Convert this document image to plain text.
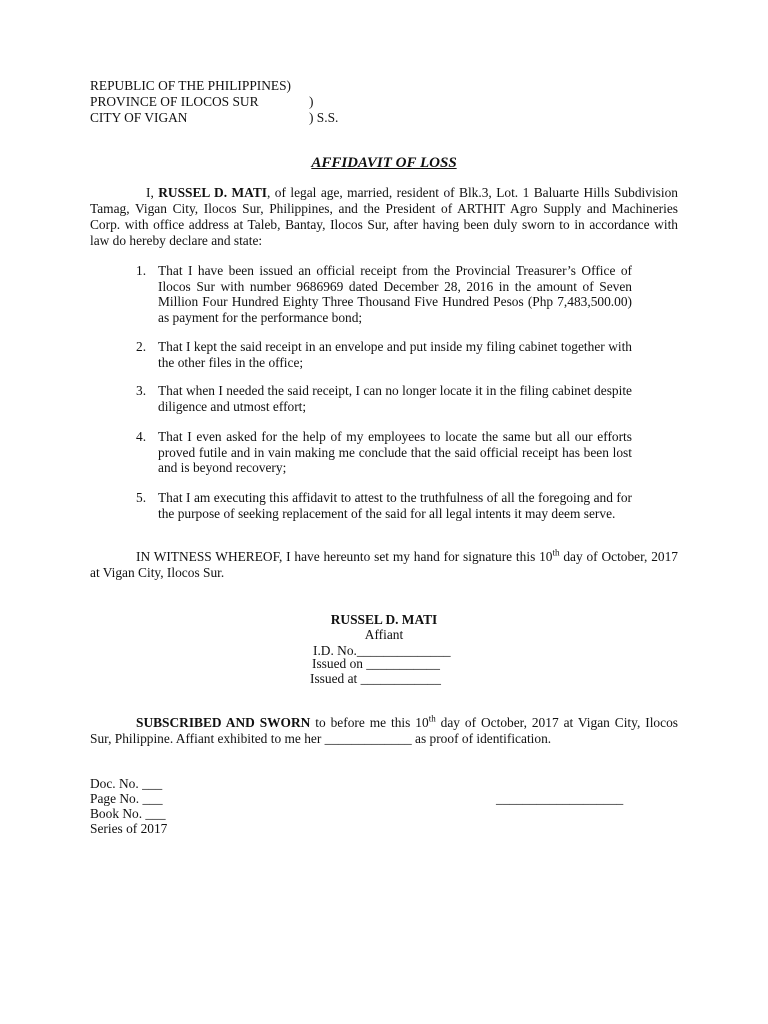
REPUBLIC OF THE PHILIPPINES)
PROVINCE OF ILOCOS SUR	)
CITY OF VIGAN	) S.S.
AFFIDAVIT OF LOSS
I, RUSSEL D. MATI, of legal age, married, resident of Blk.3, Lot. 1 Baluarte Hills Subdivision Tamag, Vigan City, Ilocos Sur, Philippines, and the President of ARTHIT Agro Supply and Machineries Corp. with office address at Taleb, Bantay, Ilocos Sur, after having been duly sworn to in accordance with law do hereby declare and state:
1. That I have been issued an official receipt from the Provincial Treasurer’s Office of Ilocos Sur with number 9686969 dated December 28, 2016 in the amount of Seven Million Four Hundred Eighty Three Thousand Five Hundred Pesos (Php 7,483,500.00) as payment for the performance bond;
2. That I kept the said receipt in an envelope and put inside my filing cabinet together with the other files in the office;
3. That when I needed the said receipt, I can no longer locate it in the filing cabinet despite diligence and utmost effort;
4. That I even asked for the help of my employees to locate the same but all our efforts proved futile and in vain making me conclude that the said official receipt has been lost and is beyond recovery;
5. That I am executing this affidavit to attest to the truthfulness of all the foregoing and for the purpose of seeking replacement of the said for all legal intents it may deem serve.
IN WITNESS WHEREOF, I have hereunto set my hand for signature this 10th day of October, 2017 at Vigan City, Ilocos Sur.
RUSSEL D. MATI
Affiant
I.D. No.______________
Issued on ___________
Issued at ____________
SUBSCRIBED AND SWORN to before me this 10th day of October, 2017 at Vigan City, Ilocos Sur, Philippine. Affiant exhibited to me her _____________ as proof of identification.
Doc. No. ___
Page No. ___
Book No. ___
Series of 2017
___________________
